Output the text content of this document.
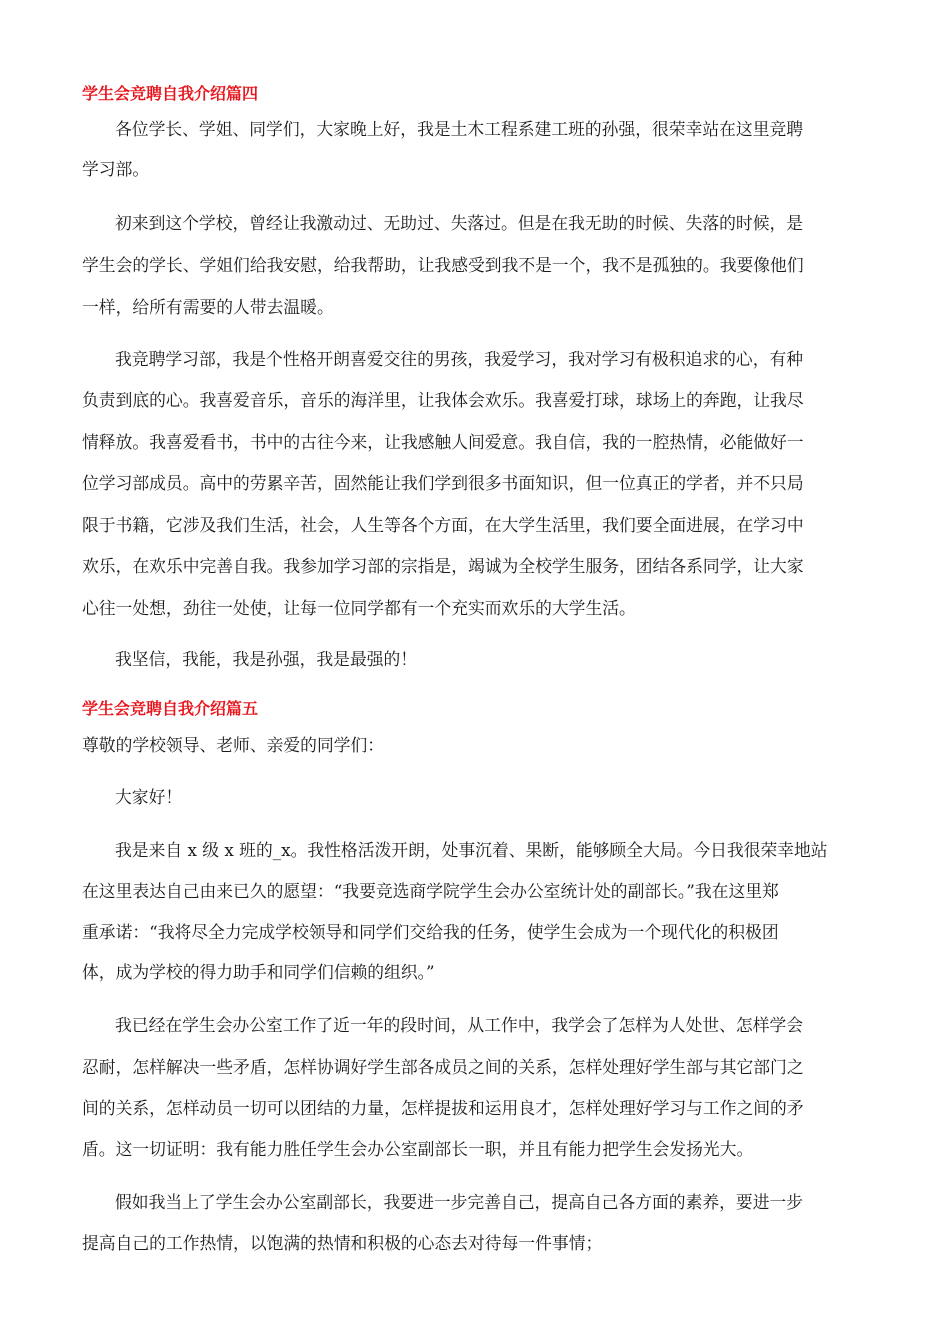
学生会竞聘自我介绍篇四
各位学长、学姐、同学们，大家晚上好，我是土木工程系建工班的孙强，很荣幸站在这里竞聘
学习部。
初来到这个学校，曾经让我激动过、无助过、失落过。但是在我无助的时候、失落的时候，是
学生会的学长、学姐们给我安慰，给我帮助，让我感受到我不是一个，我不是孤独的。我要像他们
一样，给所有需要的人带去温暖。
我竞聘学习部，我是个性格开朗喜爱交往的男孩，我爱学习，我对学习有极积追求的心，有种
负责到底的心。我喜爱音乐，音乐的海洋里，让我体会欢乐。我喜爱打球，球场上的奔跑，让我尽
情释放。我喜爱看书，书中的古往今来，让我感触人间爱意。我自信，我的一腔热情，必能做好一
位学习部成员。高中的劳累辛苦，固然能让我们学到很多书面知识，但一位真正的学者，并不只局
限于书籍，它涉及我们生活，社会，人生等各个方面，在大学生活里，我们要全面进展，在学习中
欢乐，在欢乐中完善自我。我参加学习部的宗指是，竭诚为全校学生服务，团结各系同学，让大家
心往一处想，劲往一处使，让每一位同学都有一个充实而欢乐的大学生活。
我坚信，我能，我是孙强，我是最强的！
学生会竞聘自我介绍篇五
尊敬的学校领导、老师、亲爱的同学们：
大家好！
我是来自 x 级 x 班的_x。我性格活泼开朗，处事沉着、果断，能够顾全大局。今日我很荣幸地站
在这里表达自己由来已久的愿望：“我要竞选商学院学生会办公室统计处的副部长。”我在这里郑
重承诺：“我将尽全力完成学校领导和同学们交给我的任务，使学生会成为一个现代化的积极团
体，成为学校的得力助手和同学们信赖的组织。”
我已经在学生会办公室工作了近一年的段时间，从工作中，我学会了怎样为人处世、怎样学会
忍耐，怎样解决一些矛盾，怎样协调好学生部各成员之间的关系，怎样处理好学生部与其它部门之
间的关系，怎样动员一切可以团结的力量，怎样提拔和运用良才，怎样处理好学习与工作之间的矛
盾。这一切证明：我有能力胜任学生会办公室副部长一职，并且有能力把学生会发扬光大。
假如我当上了学生会办公室副部长，我要进一步完善自己，提高自己各方面的素养，要进一步
提高自己的工作热情，以饱满的热情和积极的心态去对待每一件事情；
